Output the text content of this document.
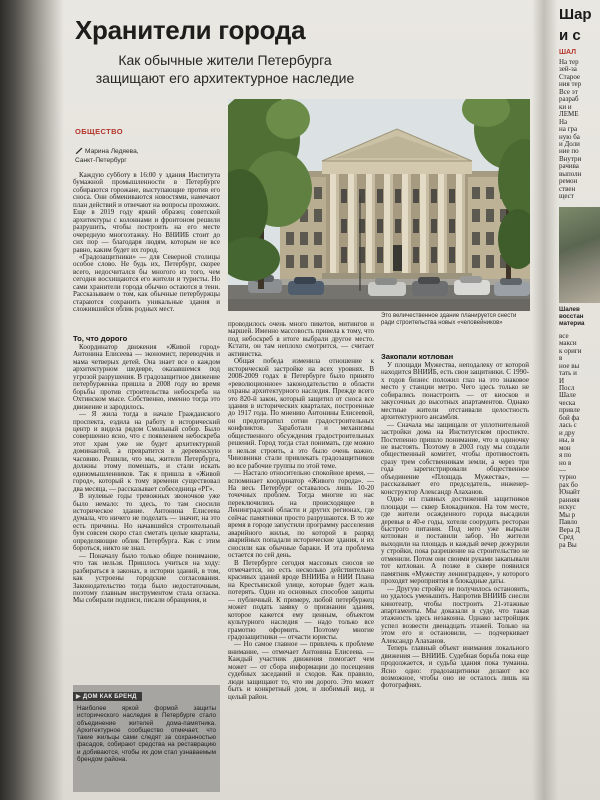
Хранители города
Как обычные жители Петербурга
защищают его архитектурное наследие
ОБЩЕСТВО
Марина Ледяева,
Санкт-Петербург

Каждую субботу в 16:00 у здания Института бумажной промышленности в Петербурге собираются горожане, выступающие против его сноса. Они обмениваются новостями, намечают план действий и отвечают на вопросы прохожих. Еще в 2019 году яркий образец советской архитектуры с колоннами и фронтоном решили разрушить, чтобы построить на его месте очередную многоэтажку. Но ВНИИБ стоит до сих пор — благодаря людям, которым не все равно, каким будет их город.

«Градозащитники» — для Северной столицы особое слово. Не будь их, Петербург, скорее всего, недосчитался бы многого из того, чем сегодня восхищаются его жители и туристы. Но сами хранители города обычно остаются в тени. Рассказываем о том, как обычные петербуржцы стараются сохранить уникальные здания и сложившийся облик родных мест.

Это величественное здание планируется снести ради строительства новых «человейников»
То, что дорого

Координатор движения «Живой город» Антонина Елисеева — экономист, переводчик и мама четверых детей. Она знает все о каждом архитектурном шедевре, оказавшемся под угрозой разрушения. В градозащитное движение петербурженка пришла в 2008 году во время борьбы против строительства небоскреба на Охтинском мысе. Собственно, именно тогда это движение и зародилось.

— Я жила тогда в начале Гражданского проспекта, ездила на работу в исторический центр и видела рядом Смольный собор. Было совершенно ясно, что с появлением небоскреба этот храм уже не будет архитектурной доминантой, а превратится в деревенскую часовню. Решили, что мы, жители Петербурга, должны этому помешать, и стали искать единомышленников. Так я пришла в «Живой город», который к тому времени существовал два месяца, — рассказывает собеседница «РГ».

В нулевые годы тревожных звоночков уже было немало: то здесь, то там сносили историческое здание. Антонина Елисеева думала, что ничего не поделать — значит, на это есть причины. Но начавшийся строительный бум совсем скоро стал сметать целые кварталы, определяющие облик Петербурга. Как с этим бороться, никто не знал.

— Поначалу было только общее понимание, что так нельзя. Пришлось учиться на ходу: разбираться в законах, в истории зданий, в том, как устроены городские согласования. Законодательство тогда было недостаточным, поэтому главным инструментом стала огласка. Мы собирали подписи, писали обращения, и

▶ ДОМ КАК БРЕНД
Наиболее яркой формой защиты исторического наследия в Петербурге стало объединение жителей дома-памятника. Архитектурное сообщество отмечает, что такие жильцы сами следят за сохранностью фасадов, собирают средства на реставрацию и добиваются, чтобы их дом стал узнаваемым брендом района.

проводилось очень много пикетов, митингов и маршей. Именно массовость привела к тому, что под небоскреб в итоге выбрали другое место. Кстати, он там неплохо смотрится, — считает активистка.

Общая победа изменила отношение к исторической застройке на всех уровнях. В 2008-2009 годах в Петербурге было принято «революционное» законодательство в области охраны архитектурного наследия. Прежде всего это 820-й закон, который защитил от сноса все здания в исторических кварталах, построенные до 1917 года. По мнению Антонины Елисеевой, он предотвратил сотни градостроительных конфликтов. Заработали и механизмы общественного обсуждения градостроительных решений. Город тогда стал понимать, где можно и нельзя строить, а это было очень важно. Чиновники стали привлекать градозащитников во все рабочие группы по этой теме.

— Настало относительно спокойное время, — вспоминает координатор «Живого города». — На весь Петербург оставалось лишь 10-20 точечных проблем. Тогда многие из нас переключились на происходящее в Ленинградской области и других регионах, где сейчас памятники просто разрушаются. В то же время в городе запустили программу расселения аварийного жилья, по которой в разряд аварийных попадали исторические здания, и их сносили как обычные бараки. И эта проблема остается по сей день.

В Петербурге сегодня массовых сносов не отмечается, но есть несколько действительно красивых зданий вроде ВНИИБа и НИИ Плана на Крестьянской улице, которые будет жаль потерять. Один из основных способов защиты — публичный. К примеру, любой петербуржец может подать заявку о признании здания, которое кажется ему ценным, объектом культурного наследия — надо только все грамотно оформить. Поэтому многие градозащитники — отчасти юристы.

— Но самое главное — привлечь к проблеме внимание, — отмечает Антонина Елисеева. — Каждый участник движения помогает чем может — от сбора информации до посещения судебных заседаний и сходов. Как правило, люди защищают то, что им дорого. Это может быть и конкретный дом, и любимый вид, и целый район.

Закопали котлован

У площади Мужества, неподалеку от которой находится ВНИИБ, есть свои защитники. С 1990-х годов бизнес положил глаз на это знаковое место у станции метро. Чего здесь только не собирались понастроить — от киосков и закусочных до высотных апартаментов. Однако местные жители отстаивали целостность архитектурного ансамбля.

— Сначала мы защищали от уплотнительной застройки дома на Институтском проспекте. Постепенно пришло понимание, что в одиночку не выстоять. Поэтому в 2003 году мы создали общественный комитет, чтобы противостоять сразу трем собственникам земли, а через три года зарегистрировали общественное объединение «Площадь Мужества», — рассказывает его председатель, инженер-конструктор Александр Алаханов.

Одно из главных достижений защитников площади — сквер Блокадников. На том месте, где жители осажденного города высадили деревья в 40-е годы, хотели соорудить ресторан быстрого питания. Под него уже вырыли котлован и поставили забор. Но жители выходили на площадь и каждый вечер дежурили у стройки, пока разрешение на строительство не отменили. Потом они своими руками закапывали тот котлован. А позже в сквере появился памятник «Мужеству ленинградцев», у которого проходят мероприятия в блокадные даты.

— Другую стройку не получилось остановить, но удалось уменьшить. Напротив ВНИИБ снесли кинотеатр, чтобы построить 21-этажные апартаменты. Мы доказали в суде, что такая этажность здесь незаконна. Однако застройщик успел возвести двенадцать этажей. Только на этом его и остановили, — подчеркивает Александр Алаханов.

Теперь главный объект внимания локального движения — ВНИИБ. Судебная борьба пока еще продолжается, и судьба здания пока туманна. Ясно одно: градозащитники делают все возможное, чтобы оно не осталось лишь на фотографиях.

Шар
и с
ШАЛ
На тер
зей-за
Старое
ния тер
Все эт
разраб
ки и
ЛЕМЕ
На
на гра
ную ба
и Доли
ние по
Внутри
рачива
выполн
ремон
ствен
щест
Шалев
восстан
материа
все
макси
к ориги
в
ное вы
тать и
И
Посл
Шале
ческа
привле
бой фа
лась с
и дру
ны, в
мон
я по
но в
—
турно
рах бо
Юнайт
ранняя
искус
Мы р
Павло
Вера Д
Сред
ра Вы
